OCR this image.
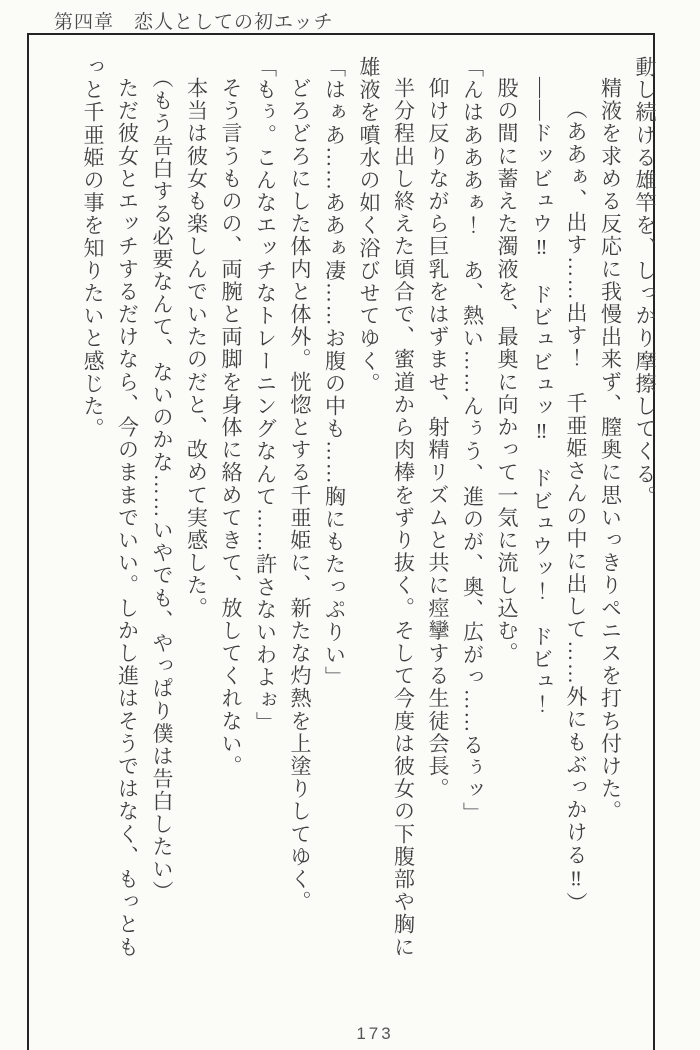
第四章　恋人としての初エッチ
動し続ける雄竿を、しっかり摩擦してくる。
精液を求める反応に我慢出来ず、膣奥に思いっきりペニスを打ち付けた。
（ああぁ、出す……出す！　千亜姫さんの中に出して……外にもぶっかける‼）
――ドッビュウ‼　ドビュビュッ‼　ドビュウッ！　ドビュ！
股の間に蓄えた濁液を、最奥に向かって一気に流し込む。
「んはあああぁ！　あ、熱い……んぅう、進のが、奥、広がっ……るぅッ」
仰け反りながら巨乳をはずませ、射精リズムと共に痙攣する生徒会長。
半分程出し終えた頃合で、蜜道から肉棒をずり抜く。そして今度は彼女の下腹部や胸に
雄液を噴水の如く浴びせてゆく。
「はぁあ……ああぁ凄……お腹の中も……胸にもたっぷりい」
どろどろにした体内と体外。恍惚とする千亜姫に、新たな灼熱を上塗りしてゆく。
「もぅ。こんなエッチなトレーニングなんて……許さないわよぉ」
そう言うものの、両腕と両脚を身体に絡めてきて、放してくれない。
本当は彼女も楽しんでいたのだと、改めて実感した。
（もう告白する必要なんて、ないのかな……いやでも、やっぱり僕は告白したい）
ただ彼女とエッチするだけなら、今のままでいい。しかし進はそうではなく、もっとも
っと千亜姫の事を知りたいと感じた。
173
